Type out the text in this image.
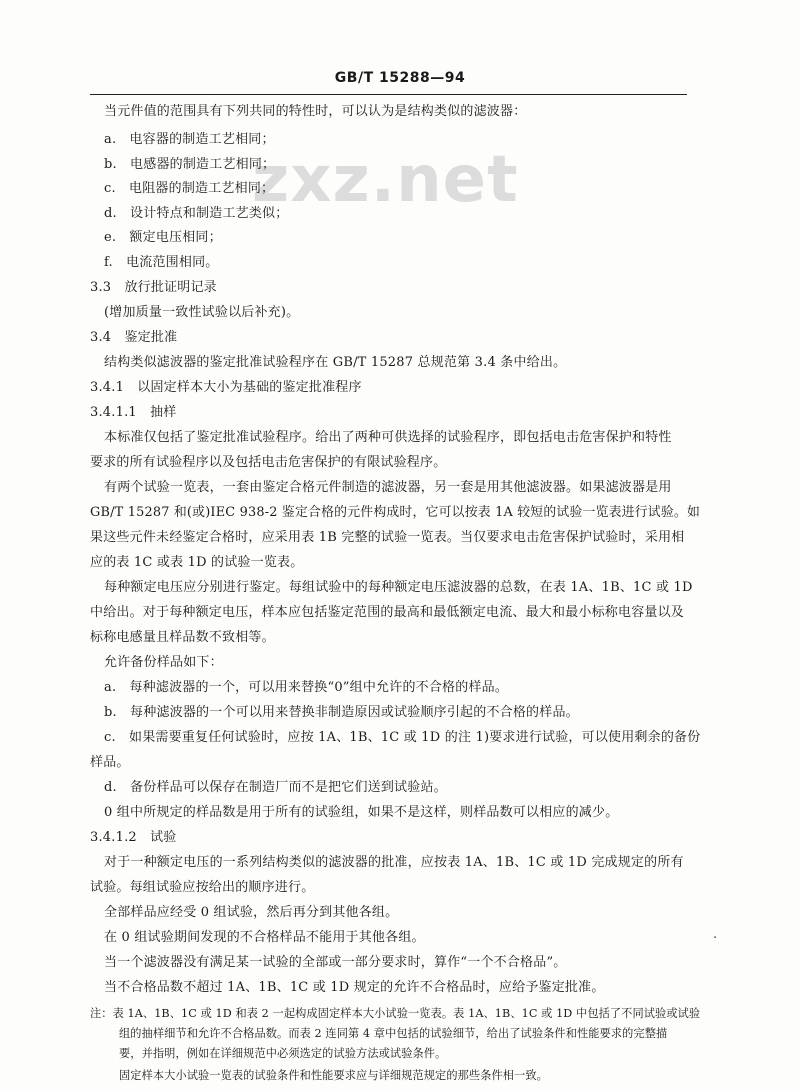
GB/T 15288—94
zxz.net
当元件值的范围具有下列共同的特性时，可以认为是结构类似的滤波器：
a.　电容器的制造工艺相同；
b.　电感器的制造工艺相同；
c.　电阻器的制造工艺相同；
d.　设计特点和制造工艺类似；
e.　额定电压相同；
f.　电流范围相同。
3.3　放行批证明记录
(增加质量一致性试验以后补充)。
3.4　鉴定批准
结构类似滤波器的鉴定批准试验程序在 GB/T 15287 总规范第 3.4 条中给出。
3.4.1　以固定样本大小为基础的鉴定批准程序
3.4.1.1　抽样
本标准仅包括了鉴定批准试验程序。给出了两种可供选择的试验程序，即包括电击危害保护和特性
要求的所有试验程序以及包括电击危害保护的有限试验程序。
有两个试验一览表，一套由鉴定合格元件制造的滤波器，另一套是用其他滤波器。如果滤波器是用
GB/T 15287 和(或)IEC 938-2 鉴定合格的元件构成时，它可以按表 1A 较短的试验一览表进行试验。如
果这些元件未经鉴定合格时，应采用表 1B 完整的试验一览表。当仅要求电击危害保护试验时，采用相
应的表 1C 或表 1D 的试验一览表。
每种额定电压应分别进行鉴定。每组试验中的每种额定电压滤波器的总数，在表 1A、1B、1C 或 1D
中给出。对于每种额定电压，样本应包括鉴定范围的最高和最低额定电流、最大和最小标称电容量以及
标称电感量且样品数不致相等。
允许备份样品如下：
a.　每种滤波器的一个，可以用来替换“0”组中允许的不合格的样品。
b.　每种滤波器的一个可以用来替换非制造原因或试验顺序引起的不合格的样品。
c.　如果需要重复任何试验时，应按 1A、1B、1C 或 1D 的注 1)要求进行试验，可以使用剩余的备份
样品。
d.　备份样品可以保存在制造厂而不是把它们送到试验站。
0 组中所规定的样品数是用于所有的试验组，如果不是这样，则样品数可以相应的减少。
3.4.1.2　试验
对于一种额定电压的一系列结构类似的滤波器的批准，应按表 1A、1B、1C 或 1D 完成规定的所有
试验。每组试验应按给出的顺序进行。
全部样品应经受 0 组试验，然后再分到其他各组。
在 0 组试验期间发现的不合格样品不能用于其他各组。
当一个滤波器没有满足某一试验的全部或一部分要求时，算作“一个不合格品”。
当不合格品数不超过 1A、1B、1C 或 1D 规定的允许不合格品时，应给予鉴定批准。
注：表 1A、1B、1C 或 1D 和表 2 一起构成固定样本大小试验一览表。表 1A、1B、1C 或 1D 中包括了不同试验或试验
组的抽样细节和允许不合格品数。而表 2 连同第 4 章中包括的试验细节，给出了试验条件和性能要求的完整描
要，并指明，例如在详细规范中必须选定的试验方法或试验条件。
固定样本大小试验一览表的试验条件和性能要求应与详细规范规定的那些条件相一致。
.
